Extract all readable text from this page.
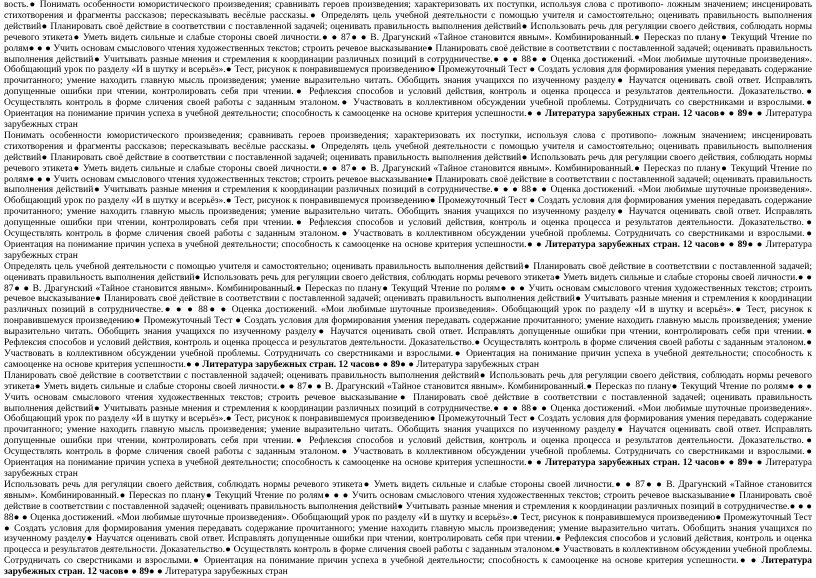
вость.● Понимать особенности юмористического произведения; сравнивать героев произведения; характеризовать их поступки, используя слова с противопо- ложным значением; инсценировать стихотворения и фрагменты рассказов; пересказывать весёлые рассказы.● Определять цель учебной деятельности с помощью учителя и самостоятельно; оценивать правильность выполнения действий● Планировать своё действие в соответствии с поставленной задачей; оценивать правильность выполнения действий● Использовать речь для регуляции своего действия, соблюдать нормы речевого этикета● Уметь видеть сильные и слабые стороны своей личности.● ● 87● ● В. Драгунский «Тайное становится явным». Комбинированный.● Пересказ по плану● Текущий Чтение по ролям● ● ● Учить основам смыслового чтения художественных текстов; строить речевое высказывание● Планировать своё действие в соответствии с поставленной задачей; оценивать правильность выполнения действий● Учитывать разные мнения и стремления к координации различных позиций в сотрудничестве.● ● ● 88● ● Оценка достижений. «Мои любимые шуточные произведения». Обобщающий урок по разделу «И в шутку и всерьёз».● Тест, рисунок к понравившемуся произведению● Промежуточный Тест ● Создать условия для формирования умения передавать содержание прочитанного; умение находить главную мысль произведения; умение выразительно читать. Обобщить знания учащихся по изученному разделу● Научатся оценивать свой ответ. Исправлять допущенные ошибки при чтении, контролировать себя при чтении.● Рефлексия способов и условий действия, контроль и оценка процесса и результатов деятельности. Доказательство.● Осуществлять контроль в форме сличения своей работы с заданным эталоном.● Участвовать в коллективном обсуждении учебной проблемы. Сотрудничать со сверстниками и взрослыми.● Ориентация на понимание причин успеха в учебной деятельности; способность к самооценке на основе критерия успешности.● ● Литература зарубежных стран. 12 часов● ● 89● ● Литература зарубежных стран

Понимать особенности юмористического произведения; сравнивать героев произведения; характеризовать их поступки, используя слова с противопо- ложным значением; инсценировать стихотворения и фрагменты рассказов; пересказывать весёлые рассказы.● Определять цель учебной деятельности с помощью учителя и самостоятельно; оценивать правильность выполнения действий● Планировать своё действие в соответствии с поставленной задачей; оценивать правильность выполнения действий● Использовать речь для регуляции своего действия, соблюдать нормы речевого этикета● Уметь видеть сильные и слабые стороны своей личности.● ● 87● ● В. Драгунский «Тайное становится явным». Комбинированный.● Пересказ по плану● Текущий Чтение по ролям● ● ● Учить основам смыслового чтения художественных текстов; строить речевое высказывание● Планировать своё действие в соответствии с поставленной задачей; оценивать правильность выполнения действий● Учитывать разные мнения и стремления к координации различных позиций в сотрудничестве.● ● ● 88● ● Оценка достижений. «Мои любимые шуточные произведения». Обобщающий урок по разделу «И в шутку и всерьёз».● Тест, рисунок к понравившемуся произведению● Промежуточный Тест ● Создать условия для формирования умения передавать содержание прочитанного; умение находить главную мысль произведения; умение выразительно читать. Обобщить знания учащихся по изученному разделу● Научатся оценивать свой ответ. Исправлять допущенные ошибки при чтении, контролировать себя при чтении.● Рефлексия способов и условий действия, контроль и оценка процесса и результатов деятельности. Доказательство.● Осуществлять контроль в форме сличения своей работы с заданным эталоном.● Участвовать в коллективном обсуждении учебной проблемы. Сотрудничать со сверстниками и взрослыми.● Ориентация на понимание причин успеха в учебной деятельности; способность к самооценке на основе критерия успешности.● ● Литература зарубежных стран. 12 часов● ● 89● ● Литература зарубежных стран

Определять цель учебной деятельности с помощью учителя и самостоятельно; оценивать правильность выполнения действий● Планировать своё действие в соответствии с поставленной задачей; оценивать правильность выполнения действий● Использовать речь для регуляции своего действия, соблюдать нормы речевого этикета● Уметь видеть сильные и слабые стороны своей личности.● ● 87● ● В. Драгунский «Тайное становится явным». Комбинированный.● Пересказ по плану● Текущий Чтение по ролям● ● ● Учить основам смыслового чтения художественных текстов; строить речевое высказывание● Планировать своё действие в соответствии с поставленной задачей; оценивать правильность выполнения действий● Учитывать разные мнения и стремления к координации различных позиций в сотрудничестве.● ● ● 88● ● Оценка достижений. «Мои любимые шуточные произведения». Обобщающий урок по разделу «И в шутку и всерьёз».● Тест, рисунок к понравившемуся произведению● Промежуточный Тест ● Создать условия для формирования умения передавать содержание прочитанного; умение находить главную мысль произведения; умение выразительно читать. Обобщить знания учащихся по изученному разделу● Научатся оценивать свой ответ. Исправлять допущенные ошибки при чтении, контролировать себя при чтении.● Рефлексия способов и условий действия, контроль и оценка процесса и результатов деятельности. Доказательство.● Осуществлять контроль в форме сличения своей работы с заданным эталоном.● Участвовать в коллективном обсуждении учебной проблемы. Сотрудничать со сверстниками и взрослыми.● Ориентация на понимание причин успеха в учебной деятельности; способность к самооценке на основе критерия успешности.● ● Литература зарубежных стран. 12 часов● ● 89● ● Литература зарубежных стран

Планировать своё действие в соответствии с поставленной задачей; оценивать правильность выполнения действий● Использовать речь для регуляции своего действия, соблюдать нормы речевого этикета● Уметь видеть сильные и слабые стороны своей личности.● ● 87● ● В. Драгунский «Тайное становится явным». Комбинированный.● Пересказ по плану● Текущий Чтение по ролям● ● ● Учить основам смыслового чтения художественных текстов; строить речевое высказывание● Планировать своё действие в соответствии с поставленной задачей; оценивать правильность выполнения действий● Учитывать разные мнения и стремления к координации различных позиций в сотрудничестве.● ● ● 88● ● Оценка достижений. «Мои любимые шуточные произведения». Обобщающий урок по разделу «И в шутку и всерьёз».● Тест, рисунок к понравившемуся произведению● Промежуточный Тест ● Создать условия для формирования умения передавать содержание прочитанного; умение находить главную мысль произведения; умение выразительно читать. Обобщить знания учащихся по изученному разделу● Научатся оценивать свой ответ. Исправлять допущенные ошибки при чтении, контролировать себя при чтении.● Рефлексия способов и условий действия, контроль и оценка процесса и результатов деятельности. Доказательство.● Осуществлять контроль в форме сличения своей работы с заданным эталоном.● Участвовать в коллективном обсуждении учебной проблемы. Сотрудничать со сверстниками и взрослыми.● Ориентация на понимание причин успеха в учебной деятельности; способность к самооценке на основе критерия успешности.● ● Литература зарубежных стран. 12 часов● ● 89● ● Литература зарубежных стран

Использовать речь для регуляции своего действия, соблюдать нормы речевого этикета● Уметь видеть сильные и слабые стороны своей личности.● ● 87● ● В. Драгунский «Тайное становится явным». Комбинированный.● Пересказ по плану● Текущий Чтение по ролям● ● ● Учить основам смыслового чтения художественных текстов; строить речевое высказывание● Планировать своё действие в соответствии с поставленной задачей; оценивать правильность выполнения действий● Учитывать разные мнения и стремления к координации различных позиций в сотрудничестве.● ● ● 88● ● Оценка достижений. «Мои любимые шуточные произведения». Обобщающий урок по разделу «И в шутку и всерьёз».● Тест, рисунок к понравившемуся произведению● Промежуточный Тест ● Создать условия для формирования умения передавать содержание прочитанного; умение находить главную мысль произведения; умение выразительно читать. Обобщить знания учащихся по изученному разделу● Научатся оценивать свой ответ. Исправлять допущенные ошибки при чтении, контролировать себя при чтении.● Рефлексия способов и условий действия, контроль и оценка процесса и результатов деятельности. Доказательство.● Осуществлять контроль в форме сличения своей работы с заданным эталоном.● Участвовать в коллективном обсуждении учебной проблемы. Сотрудничать со сверстниками и взрослыми.● Ориентация на понимание причин успеха в учебной деятельности; способность к самооценке на основе критерия успешности.● ● Литература зарубежных стран. 12 часов● ● 89● ● Литература зарубежных стран
